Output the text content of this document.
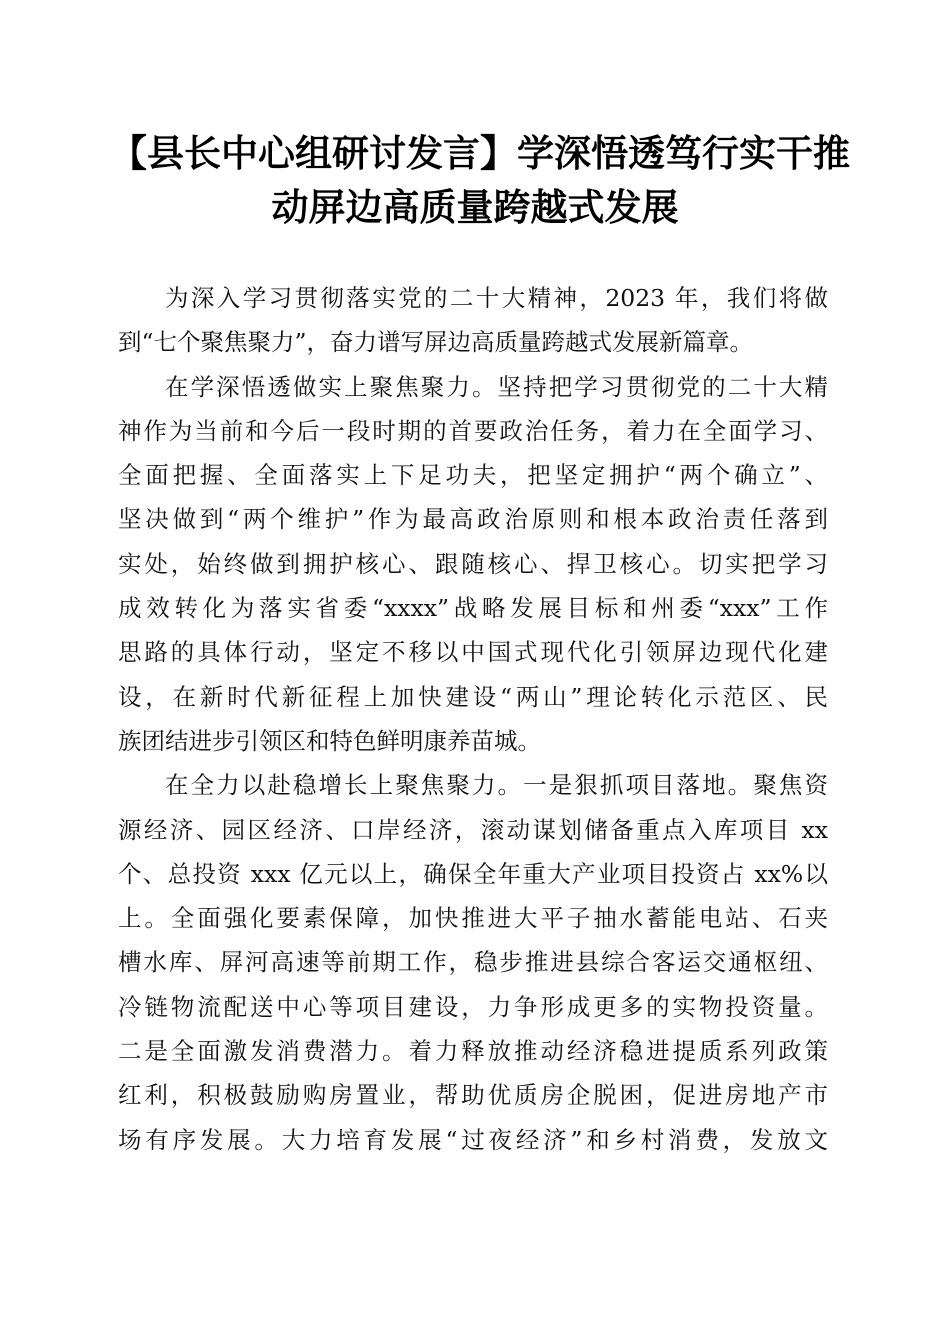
【县长中心组研讨发言】学深悟透笃行实干推
动屏边高质量跨越式发展
为深入学习贯彻落实党的二十大精神，2023 年，我们将做
到“七个聚焦聚力”，奋力谱写屏边高质量跨越式发展新篇章。
在学深悟透做实上聚焦聚力。坚持把学习贯彻党的二十大精
神作为当前和今后一段时期的首要政治任务，着力在全面学习、
全面把握、全面落实上下足功夫，把坚定拥护“两个确立”、
坚决做到“两个维护”作为最高政治原则和根本政治责任落到
实处，始终做到拥护核心、跟随核心、捍卫核心。切实把学习
成效转化为落实省委“xxxx”战略发展目标和州委“xxx”工作
思路的具体行动，坚定不移以中国式现代化引领屏边现代化建
设，在新时代新征程上加快建设“两山”理论转化示范区、民
族团结进步引领区和特色鲜明康养苗城。
在全力以赴稳增长上聚焦聚力。一是狠抓项目落地。聚焦资
源经济、园区经济、口岸经济，滚动谋划储备重点入库项目 xx
个、总投资 xxx 亿元以上，确保全年重大产业项目投资占 xx%以
上。全面强化要素保障，加快推进大平子抽水蓄能电站、石夹
槽水库、屏河高速等前期工作，稳步推进县综合客运交通枢纽、
冷链物流配送中心等项目建设，力争形成更多的实物投资量。
二是全面激发消费潜力。着力释放推动经济稳进提质系列政策
红利，积极鼓励购房置业，帮助优质房企脱困，促进房地产市
场有序发展。大力培育发展“过夜经济”和乡村消费，发放文
